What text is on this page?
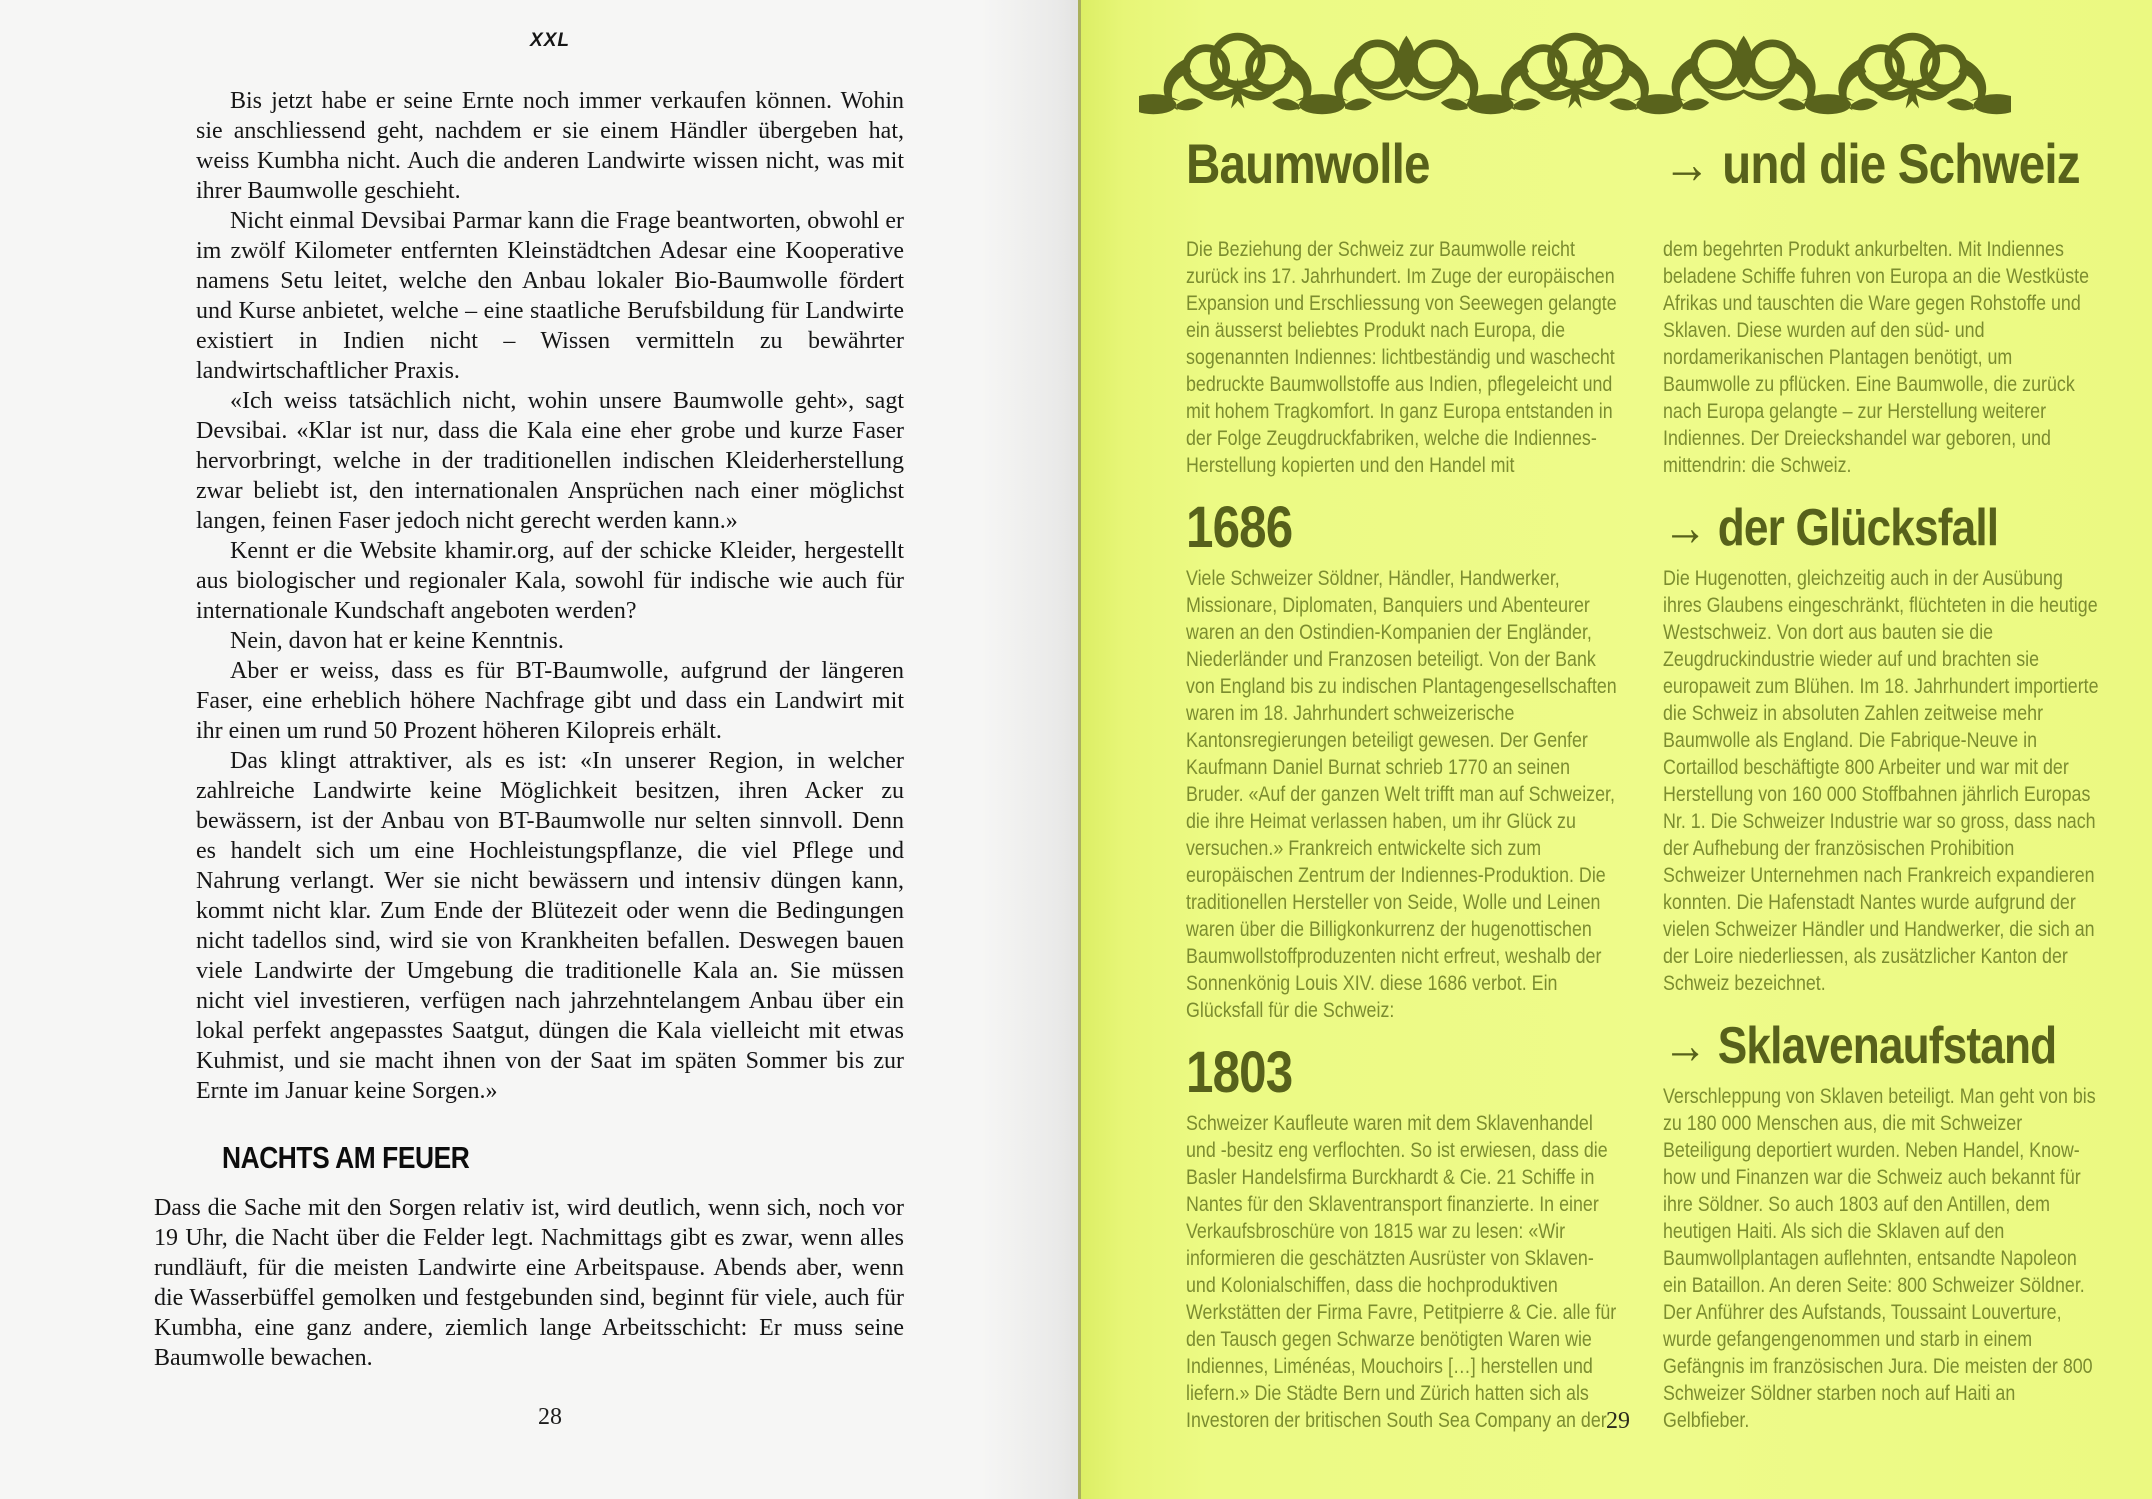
XXL

Bis jetzt habe er seine Ernte noch immer verkaufen können. Wohin sie anschliessend geht, nachdem er sie einem Händler übergeben hat, weiss Kumbha nicht. Auch die anderen Landwirte wissen nicht, was mit ihrer Baumwolle geschieht.

Nicht einmal Devsibai Parmar kann die Frage beantworten, obwohl er im zwölf Kilometer entfernten Kleinstädtchen Adesar eine Kooperative namens Setu leitet, welche den Anbau lokaler Bio-Baumwolle fördert und Kurse anbietet, welche – eine staatliche Berufsbildung für Landwirte existiert in Indien nicht – Wissen vermitteln zu bewährter landwirtschaftlicher Praxis.

«Ich weiss tatsächlich nicht, wohin unsere Baumwolle geht», sagt Devsibai. «Klar ist nur, dass die Kala eine eher grobe und kurze Faser hervorbringt, welche in der traditionellen indischen Kleiderherstellung zwar beliebt ist, den internationalen Ansprüchen nach einer möglichst langen, feinen Faser jedoch nicht gerecht werden kann.»

Kennt er die Website khamir.org, auf der schicke Kleider, hergestellt aus biologischer und regionaler Kala, sowohl für indische wie auch für internationale Kundschaft angeboten werden?

Nein, davon hat er keine Kenntnis.

Aber er weiss, dass es für BT-Baumwolle, aufgrund der längeren Faser, eine erheblich höhere Nachfrage gibt und dass ein Landwirt mit ihr einen um rund 50 Prozent höheren Kilopreis erhält.

Das klingt attraktiver, als es ist: «In unserer Region, in welcher zahlreiche Landwirte keine Möglichkeit besitzen, ihren Acker zu bewässern, ist der Anbau von BT-Baumwolle nur selten sinnvoll. Denn es handelt sich um eine Hochleistungspflanze, die viel Pflege und Nahrung verlangt. Wer sie nicht bewässern und intensiv düngen kann, kommt nicht klar. Zum Ende der Blütezeit oder wenn die Bedingungen nicht tadellos sind, wird sie von Krankheiten befallen. Deswegen bauen viele Landwirte der Umgebung die traditionelle Kala an. Sie müssen nicht viel investieren, verfügen nach jahrzehntelangem Anbau über ein lokal perfekt angepasstes Saatgut, düngen die Kala vielleicht mit etwas Kuhmist, und sie macht ihnen von der Saat im späten Sommer bis zur Ernte im Januar keine Sorgen.»

NACHTS AM FEUER

Dass die Sache mit den Sorgen relativ ist, wird deutlich, wenn sich, noch vor 19 Uhr, die Nacht über die Felder legt. Nachmittags gibt es zwar, wenn alles rundläuft, für die meisten Landwirte eine Arbeitspause. Abends aber, wenn die Wasserbüffel gemolken und festgebunden sind, beginnt für viele, auch für Kumbha, eine ganz andere, ziemlich lange Arbeitsschicht: Er muss seine Baumwolle bewachen.

28
Baumwolle

Die Beziehung der Schweiz zur Baumwolle reicht zurück ins 17. Jahrhundert. Im Zuge der europäischen Expansion und Erschliessung von Seewegen gelangte ein äusserst beliebtes Produkt nach Europa, die sogenannten Indiennes: lichtbeständig und waschecht bedruckte Baumwollstoffe aus Indien, pflegeleicht und mit hohem Tragkomfort. In ganz Europa entstanden in der Folge Zeugdruckfabriken, welche die Indiennes-Herstellung kopierten und den Handel mit

1686

Viele Schweizer Söldner, Händler, Handwerker, Missionare, Diplomaten, Banquiers und Abenteurer waren an den Ostindien-Kompanien der Engländer, Niederländer und Franzosen beteiligt. Von der Bank von England bis zu indischen Plantagengesellschaften waren im 18. Jahrhundert schweizerische Kantonsregierungen beteiligt gewesen. Der Genfer Kaufmann Daniel Burnat schrieb 1770 an seinen Bruder. «Auf der ganzen Welt trifft man auf Schweizer, die ihre Heimat verlassen haben, um ihr Glück zu versuchen.» Frankreich entwickelte sich zum europäischen Zentrum der Indiennes-Produktion. Die traditionellen Hersteller von Seide, Wolle und Leinen waren über die Billigkonkurrenz der hugenottischen Baumwollstoffproduzenten nicht erfreut, weshalb der Sonnenkönig Louis XIV. diese 1686 verbot. Ein Glücksfall für die Schweiz:

1803

Schweizer Kaufleute waren mit dem Sklavenhandel und -besitz eng verflochten. So ist erwiesen, dass die Basler Handelsfirma Burckhardt & Cie. 21 Schiffe in Nantes für den Sklaventransport finanzierte. In einer Verkaufsbroschüre von 1815 war zu lesen: «Wir informieren die geschätzten Ausrüster von Sklaven- und Kolonialschiffen, dass die hochproduktiven Werkstätten der Firma Favre, Petitpierre & Cie. alle für den Tausch gegen Schwarze benötigten Waren wie Indiennes, Liménéas, Mouchoirs […] herstellen und liefern.» Die Städte Bern und Zürich hatten sich als Investoren der britischen South Sea Company an der

→ und die Schweiz

dem begehrten Produkt ankurbelten. Mit Indiennes beladene Schiffe fuhren von Europa an die Westküste Afrikas und tauschten die Ware gegen Rohstoffe und Sklaven. Diese wurden auf den süd- und nordamerikanischen Plantagen benötigt, um Baumwolle zu pflücken. Eine Baumwolle, die zurück nach Europa gelangte – zur Herstellung weiterer Indiennes. Der Dreieckshandel war geboren, und mittendrin: die Schweiz.

→ der Glücksfall

Die Hugenotten, gleichzeitig auch in der Ausübung ihres Glaubens eingeschränkt, flüchteten in die heutige Westschweiz. Von dort aus bauten sie die Zeugdruckindustrie wieder auf und brachten sie europaweit zum Blühen. Im 18. Jahrhundert importierte die Schweiz in absoluten Zahlen zeitweise mehr Baumwolle als England. Die Fabrique-Neuve in Cortaillod beschäftigte 800 Arbeiter und war mit der Herstellung von 160 000 Stoffbahnen jährlich Europas Nr. 1. Die Schweizer Industrie war so gross, dass nach der Aufhebung der französischen Prohibition Schweizer Unternehmen nach Frankreich expandieren konnten. Die Hafenstadt Nantes wurde aufgrund der vielen Schweizer Händler und Handwerker, die sich an der Loire niederliessen, als zusätzlicher Kanton der Schweiz bezeichnet.

→ Sklavenaufstand

Verschleppung von Sklaven beteiligt. Man geht von bis zu 180 000 Menschen aus, die mit Schweizer Beteiligung deportiert wurden. Neben Handel, Know-how und Finanzen war die Schweiz auch bekannt für ihre Söldner. So auch 1803 auf den Antillen, dem heutigen Haiti. Als sich die Sklaven auf den Baumwollplantagen auflehnten, entsandte Napoleon ein Bataillon. An deren Seite: 800 Schweizer Söldner. Der Anführer des Aufstands, Toussaint Louverture, wurde gefangengenommen und starb in einem Gefängnis im französischen Jura. Die meisten der 800 Schweizer Söldner starben noch auf Haiti an Gelbfieber.

29
